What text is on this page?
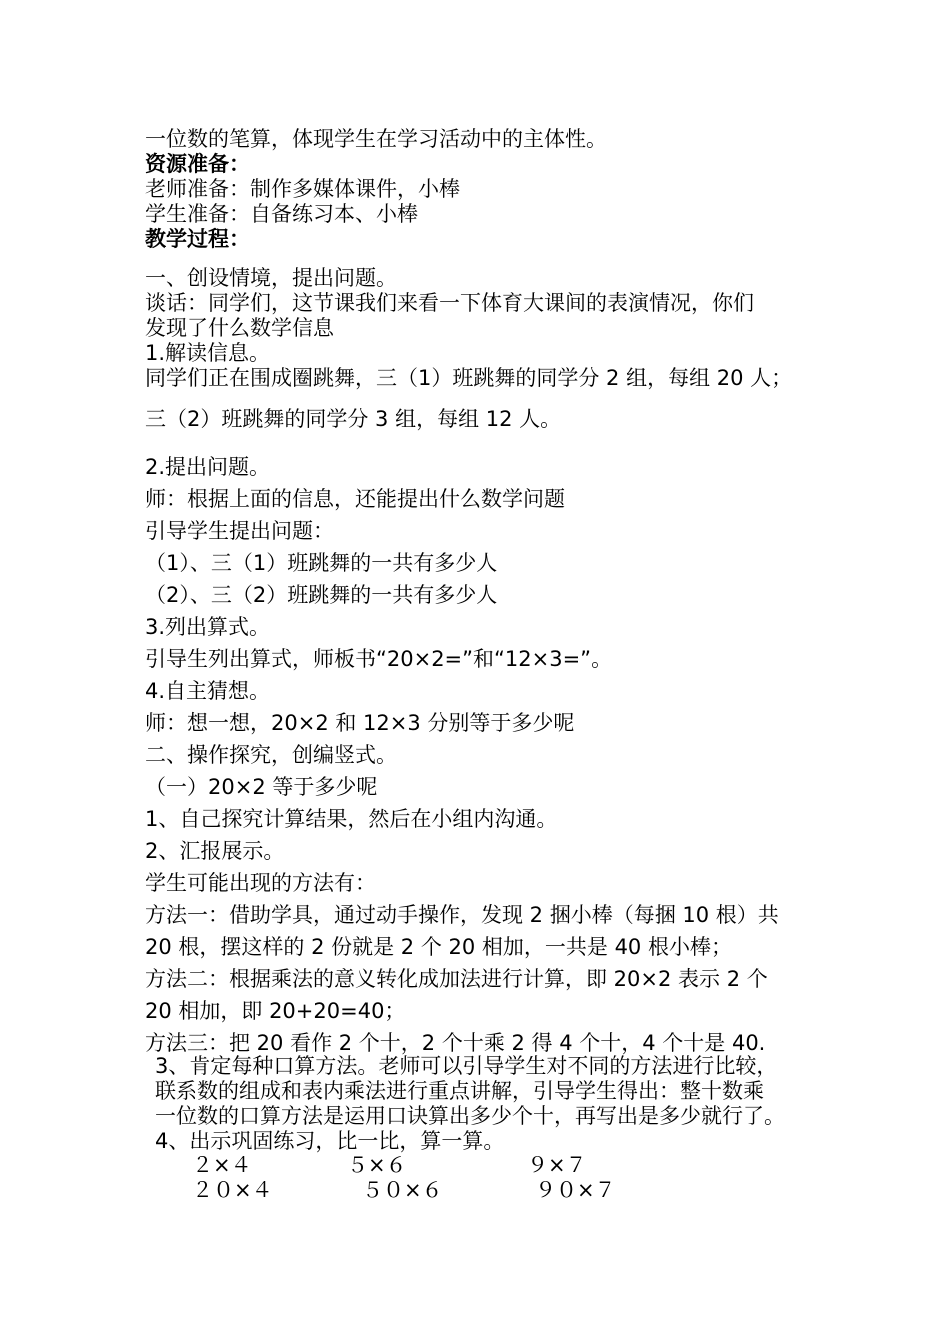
一位数的笔算，体现学生在学习活动中的主体性。
资源准备：
老师准备：制作多媒体课件，小棒
学生准备：自备练习本、小棒
教学过程：
一、创设情境，提出问题。
谈话：同学们，这节课我们来看一下体育大课间的表演情况，你们
发现了什么数学信息
1.解读信息。
同学们正在围成圈跳舞，三（1）班跳舞的同学分 2 组，每组 20 人；
三（2）班跳舞的同学分 3 组，每组 12 人。
2.提出问题。
师：根据上面的信息，还能提出什么数学问题
引导学生提出问题：
（1）、三（1）班跳舞的一共有多少人
（2）、三（2）班跳舞的一共有多少人
3.列出算式。
引导生列出算式，师板书“20×2=”和“12×3=”。
4.自主猜想。
师：想一想，20×2 和 12×3 分别等于多少呢
二、操作探究，创编竖式。
（一）20×2 等于多少呢
1、自己探究计算结果，然后在小组内沟通。
2、汇报展示。
学生可能出现的方法有：
方法一：借助学具，通过动手操作，发现 2 捆小棒（每捆 10 根）共
20 根，摆这样的 2 份就是 2 个 20 相加，一共是 40 根小棒；
方法二：根据乘法的意义转化成加法进行计算，即 20×2 表示 2 个
20 相加，即 20+20=40；
方法三：把 20 看作 2 个十，2 个十乘 2 得 4 个十，4 个十是 40.
3、肯定每种口算方法。老师可以引导学生对不同的方法进行比较，
联系数的组成和表内乘法进行重点讲解，引导学生得出：整十数乘
一位数的口算方法是运用口诀算出多少个十，再写出是多少就行了。
4、出示巩固练习，比一比，算一算。
２×４	５×６	９×７
２０×４	５０×６	９０×７
